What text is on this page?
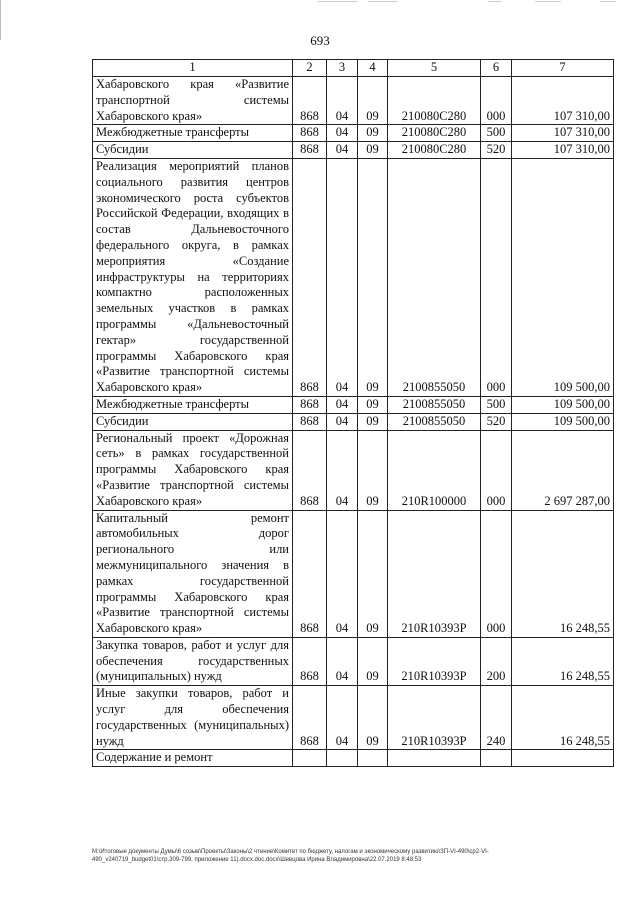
693
1	2	3	4	5	6	7
Хабаровского края «Развитие транспортной системы Хабаровского края»	868	04	09	210080С280	000	107 310,00
Межбюджетные трансферты	868	04	09	210080С280	500	107 310,00
Субсидии	868	04	09	210080С280	520	107 310,00
Реализация мероприятий планов социального развития центров экономического роста субъектов Российской Федерации, входящих в состав Дальневосточного федерального округа, в рамках мероприятия «Создание инфраструктуры на территориях компактно расположенных земельных участков в рамках программы «Дальневосточный гектар» государственной программы Хабаровского края «Развитие транспортной системы Хабаровского края»	868	04	09	2100855050	000	109 500,00
Межбюджетные трансферты	868	04	09	2100855050	500	109 500,00
Субсидии	868	04	09	2100855050	520	109 500,00
Региональный проект «Дорожная сеть» в рамках государственной программы Хабаровского края «Развитие транспортной системы Хабаровского края»	868	04	09	210R100000	000	2 697 287,00
Капитальный ремонт автомобильных дорог регионального или межмуниципального значения в рамках государственной программы Хабаровского края «Развитие транспортной системы Хабаровского края»	868	04	09	210R10393P	000	16 248,55
Закупка товаров, работ и услуг для обеспечения государственных (муниципальных) нужд	868	04	09	210R10393P	200	16 248,55
Иные закупки товаров, работ и услуг для обеспечения государственных (муниципальных) нужд	868	04	09	210R10393P	240	16 248,55
Содержание и ремонт						
M:\Итоговые документы Думы\6 созыв\Проекты\Законы\2 чтение\Комитет по бюджету, налогам и экономическому развитию\ЗП-VI-490\ср2-VI-
490_v240719_budget01\стр.309-799, приложение 11).docx.doc.docx\Шевцова Ирина Владимировна\22.07.2019 8:48:53
